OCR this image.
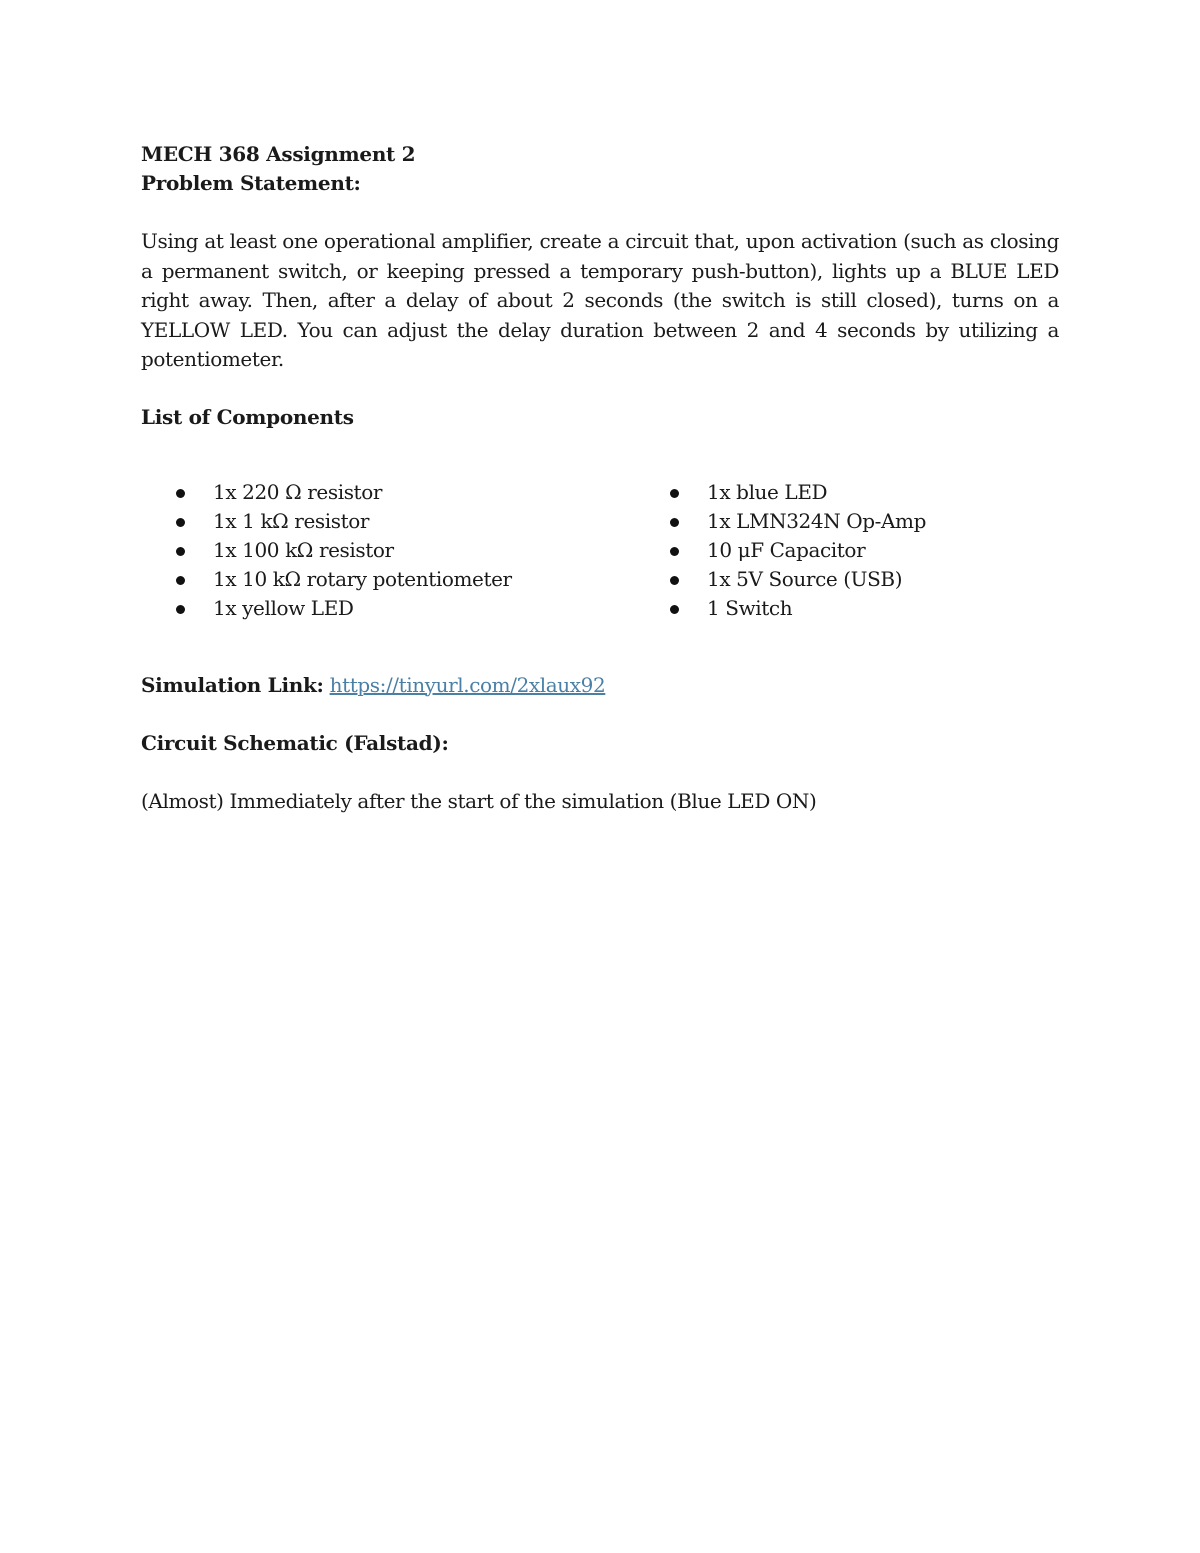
MECH 368 Assignment 2

Problem Statement:

Using at least one operational amplifier, create a circuit that, upon activation (such as closing a permanent switch, or keeping pressed a temporary push-button), lights up a BLUE LED right away. Then, after a delay of about 2 seconds (the switch is still closed), turns on a YELLOW LED. You can adjust the delay duration between 2 and 4 seconds by utilizing a potentiometer.

List of Components

1x 220 Ω resistor
1x 1 kΩ resistor
1x 100 kΩ resistor
1x 10 kΩ rotary potentiometer
1x yellow LED
1x blue LED
1x LMN324N Op-Amp
10 μF Capacitor
1x 5V Source (USB)
1 Switch

Simulation Link: https://tinyurl.com/2xlaux92

Circuit Schematic (Falstad):

(Almost) Immediately after the start of the simulation (Blue LED ON)
